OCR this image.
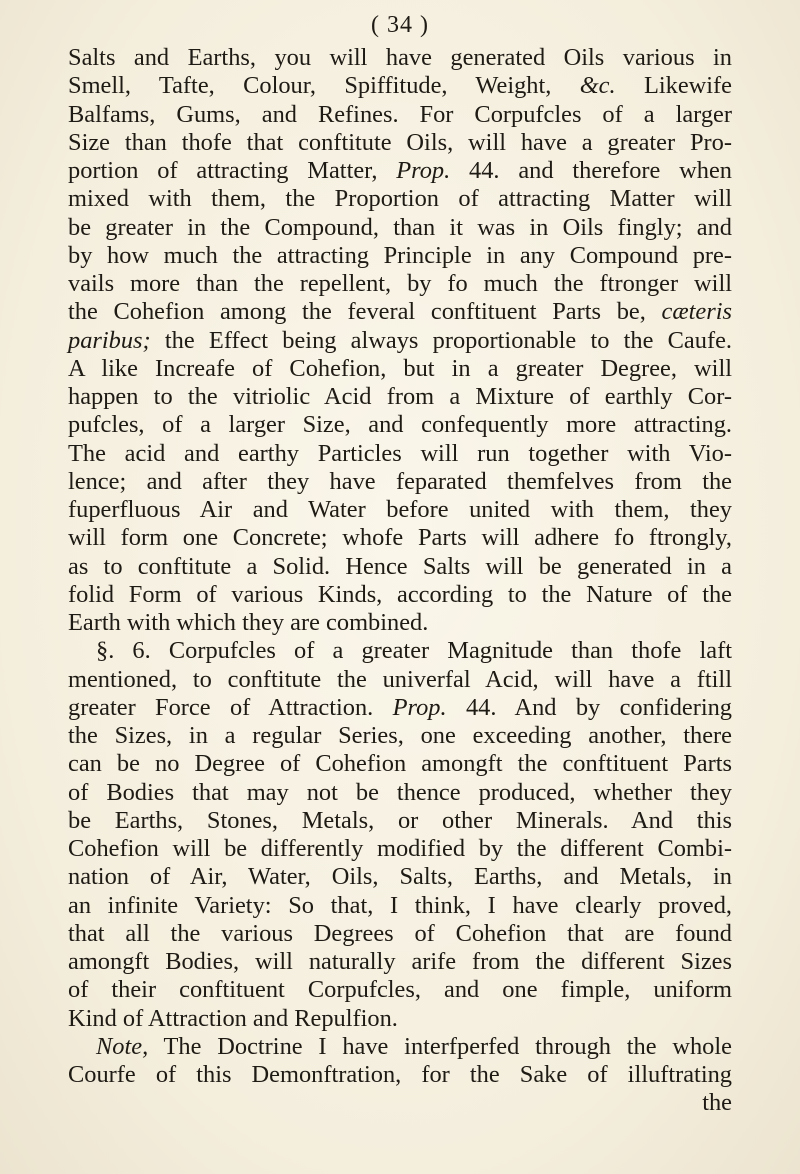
( 34 )
Salts and Earths, you will have generated Oils various in
Smell, Tafte, Colour, Spiffitude, Weight, &c. Likewife
Balfams, Gums, and Refines. For Corpufcles of a larger
Size than thofe that conftitute Oils, will have a greater Pro-
portion of attracting Matter, Prop. 44. and therefore when
mixed with them, the Proportion of attracting Matter will
be greater in the Compound, than it was in Oils fingly; and
by how much the attracting Principle in any Compound pre-
vails more than the repellent, by fo much the ftronger will
the Cohefion among the feveral conftituent Parts be, cæteris
paribus; the Effect being always proportionable to the Caufe.
A like Increafe of Cohefion, but in a greater Degree, will
happen to the vitriolic Acid from a Mixture of earthly Cor-
pufcles, of a larger Size, and confequently more attracting.
The acid and earthy Particles will run together with Vio-
lence; and after they have feparated themfelves from the
fuperfluous Air and Water before united with them, they
will form one Concrete; whofe Parts will adhere fo ftrongly,
as to conftitute a Solid. Hence Salts will be generated in a
folid Form of various Kinds, according to the Nature of the
Earth with which they are combined.
§. 6. Corpufcles of a greater Magnitude than thofe laft
mentioned, to conftitute the univerfal Acid, will have a ftill
greater Force of Attraction. Prop. 44. And by confidering
the Sizes, in a regular Series, one exceeding another, there
can be no Degree of Cohefion amongft the conftituent Parts
of Bodies that may not be thence produced, whether they
be Earths, Stones, Metals, or other Minerals. And this
Cohefion will be differently modified by the different Combi-
nation of Air, Water, Oils, Salts, Earths, and Metals, in
an infinite Variety: So that, I think, I have clearly proved,
that all the various Degrees of Cohefion that are found
amongft Bodies, will naturally arife from the different Sizes
of their conftituent Corpufcles, and one fimple, uniform
Kind of Attraction and Repulfion.
Note, The Doctrine I have interfperfed through the whole
Courfe of this Demonftration, for the Sake of illuftrating
the
